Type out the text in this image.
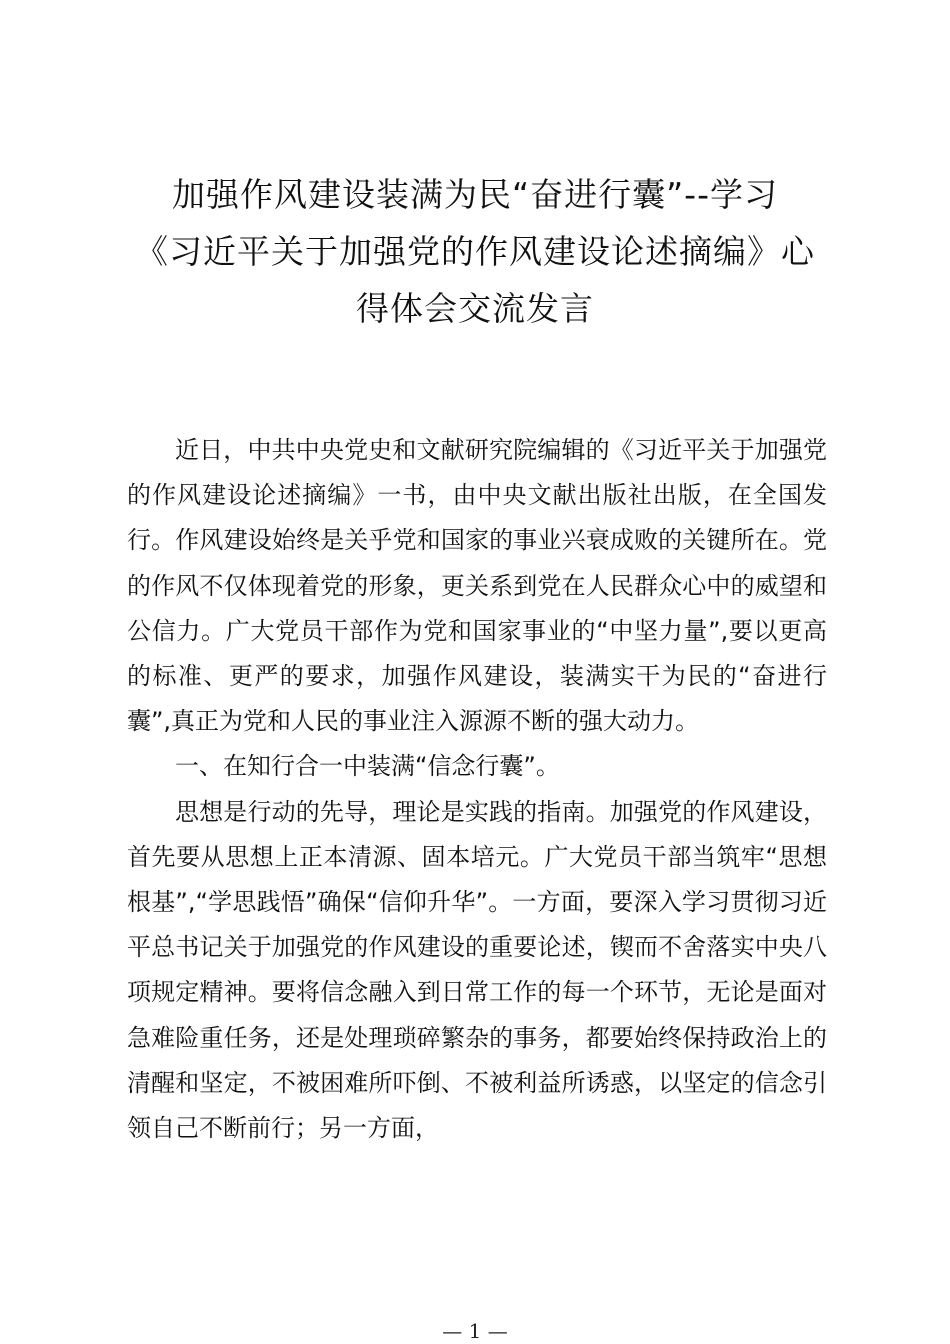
加强作风建设装满为民“奋进行囊”--学习
《习近平关于加强党的作风建设论述摘编》心
得体会交流发言

近日，中共中央党史和文献研究院编辑的《习近平关于加强党的作风建设论述摘编》一书，由中央文献出版社出版，在全国发行。作风建设始终是关乎党和国家的事业兴衰成败的关键所在。党的作风不仅体现着党的形象，更关系到党在人民群众心中的威望和公信力。广大党员干部作为党和国家事业的“中坚力量”,要以更高的标准、更严的要求，加强作风建设，装满实干为民的“奋进行囊”,真正为党和人民的事业注入源源不断的强大动力。

一、在知行合一中装满“信念行囊”。

思想是行动的先导，理论是实践的指南。加强党的作风建设，首先要从思想上正本清源、固本培元。广大党员干部当筑牢“思想根基”,“学思践悟”确保“信仰升华”。一方面，要深入学习贯彻习近平总书记关于加强党的作风建设的重要论述，锲而不舍落实中央八项规定精神。要将信念融入到日常工作的每一个环节，无论是面对急难险重任务，还是处理琐碎繁杂的事务，都要始终保持政治上的清醒和坚定，不被困难所吓倒、不被利益所诱惑，以坚定的信念引领自己不断前行；另一方面，

— 1 —
